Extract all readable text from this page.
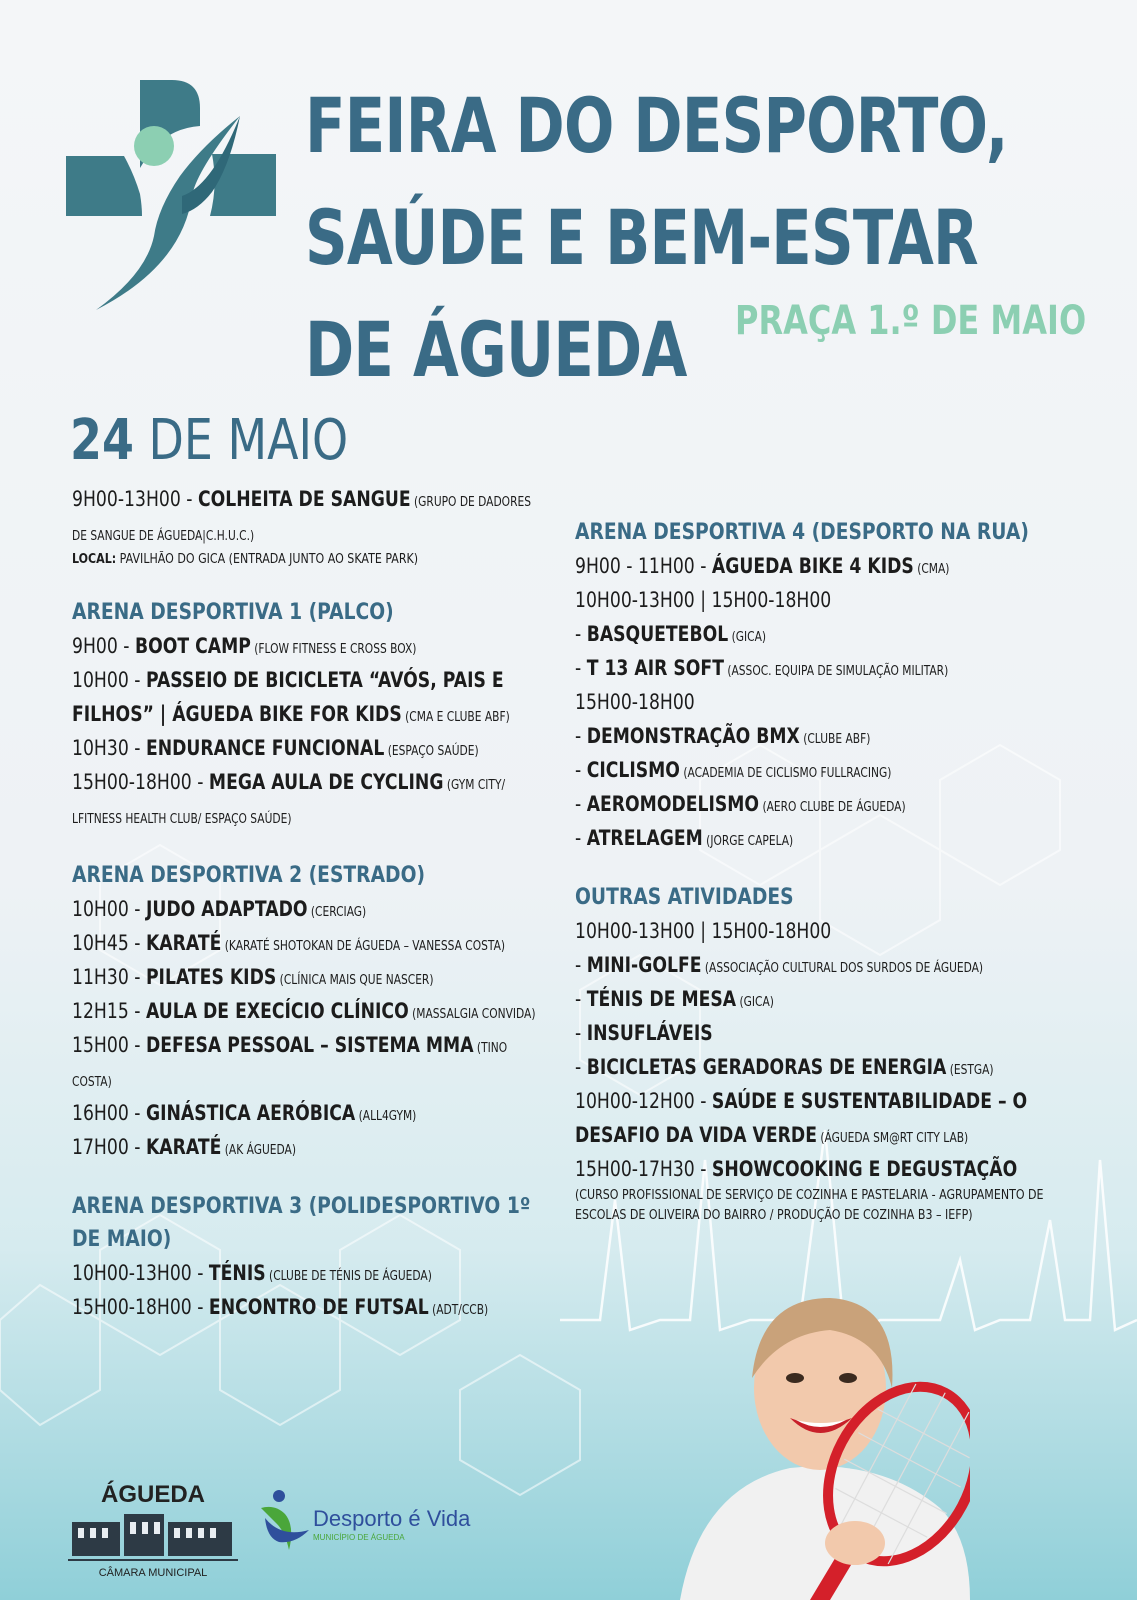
FEIRA DO DESPORTO,
SAÚDE E BEM-ESTAR
DE ÁGUEDA	PRAÇA 1.º DE MAIO
24 DE MAIO
9H00-13H00 - COLHEITA DE SANGUE (GRUPO DE DADORES DE SANGUE DE ÁGUEDA|C.H.U.C.)
LOCAL: PAVILHÃO DO GICA (ENTRADA JUNTO AO SKATE PARK)
ARENA DESPORTIVA 1 (PALCO)
9H00 - BOOT CAMP (FLOW FITNESS E CROSS BOX)
10H00 - PASSEIO DE BICICLETA “AVÓS, PAIS E FILHOS” | ÁGUEDA BIKE FOR KIDS (CMA E CLUBE ABF)
10H30 - ENDURANCE FUNCIONAL (ESPAÇO SAÚDE)
15H00-18H00 - MEGA AULA DE CYCLING (GYM CITY/ LFITNESS HEALTH CLUB/ ESPAÇO SAÚDE)
ARENA DESPORTIVA 2 (ESTRADO)
10H00 - JUDO ADAPTADO (CERCIAG)
10H45 - KARATÉ (KARATÉ SHOTOKAN DE ÁGUEDA – VANESSA COSTA)
11H30 - PILATES KIDS (CLÍNICA MAIS QUE NASCER)
12H15 - AULA DE EXECÍCIO CLÍNICO (MASSALGIA CONVIDA)
15H00 - DEFESA PESSOAL – SISTEMA MMA (TINO COSTA)
16H00 - GINÁSTICA AERÓBICA (ALL4GYM)
17H00 - KARATÉ (AK ÁGUEDA)
ARENA DESPORTIVA 3 (POLIDESPORTIVO 1º DE MAIO)
10H00-13H00 - TÉNIS (CLUBE DE TÉNIS DE ÁGUEDA)
15H00-18H00 - ENCONTRO DE FUTSAL (ADT/CCB)
ARENA DESPORTIVA 4 (DESPORTO NA RUA)
9H00 - 11H00 - ÁGUEDA BIKE 4 KIDS (CMA)
10H00-13H00 | 15H00-18H00
- BASQUETEBOL (GICA)
- T 13 AIR SOFT (ASSOC. EQUIPA DE SIMULAÇÃO MILITAR)
15H00-18H00
- DEMONSTRAÇÃO BMX (CLUBE ABF)
- CICLISMO (ACADEMIA DE CICLISMO FULLRACING)
- AEROMODELISMO (AERO CLUBE DE ÁGUEDA)
- ATRELAGEM (JORGE CAPELA)
OUTRAS ATIVIDADES
10H00-13H00 | 15H00-18H00
- MINI-GOLFE (ASSOCIAÇÃO CULTURAL DOS SURDOS DE ÁGUEDA)
- TÉNIS DE MESA (GICA)
- INSUFLÁVEIS
- BICICLETAS GERADORAS DE ENERGIA (ESTGA)
10H00-12H00 - SAÚDE E SUSTENTABILIDADE – O DESAFIO DA VIDA VERDE (ÁGUEDA SM@RT CITY LAB)
15H00-17H30 - SHOWCOOKING E DEGUSTAÇÃO
(CURSO PROFISSIONAL DE SERVIÇO DE COZINHA E PASTELARIA - AGRUPAMENTO DE ESCOLAS DE OLIVEIRA DO BAIRRO / PRODUÇÃO DE COZINHA B3 – IEFP)
ÁGUEDA
CÂMARA MUNICIPAL
Desporto é Vida
MUNICÍPIO DE ÁGUEDA
